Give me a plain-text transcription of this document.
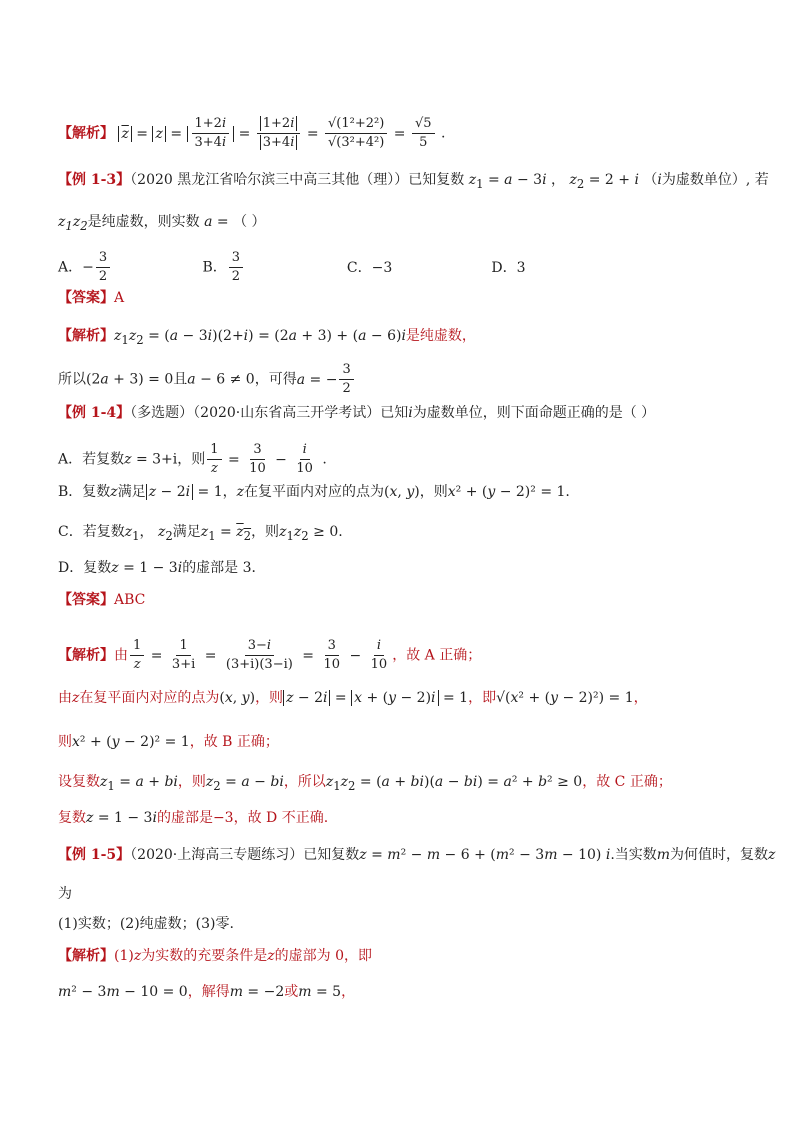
【解析】 $\overline{z} = z = \frac{1+2i}{3+4i} = \frac{1+2i}{3+4i} = \frac{\text{√(1²+2²)}}{\text{√(3²+4²)}} = \frac{√5}{5}$ .
【例 1-3】（2020 黑龙江省哈尔滨三中高三其他（理））已知复数 $z_1 = a - 3i$ ， $z_2 = 2 + i$ （i为虚数单位）, 若
$z_1z_2$是纯虚数，则实数 a = （ ）
A．− $\frac{3}{2}$	B． $\frac{3}{2}$	C．−3	D．3
【答案】A
【解析】$z_1z_2 = (a - 3i)(2+i) = (2a + 3) + (a - 6)i$是纯虚数，
所以(2a + 3) = 0且a − 6 ≠ 0，可得a = − $\frac{3}{2}$
【例 1-4】（多选题）（2020·山东省高三开学考试）已知i为虚数单位，则下面命题正确的是（ ）
A．若复数z = 3+i，则 $\frac{1}{z} = \frac{3}{10} - \frac{i}{10}$ .
B．复数z满足 z − 2i = 1，z在复平面内对应的点为(x, y)，则x² + (y − 2)² = 1.
C．若复数$z_1$， $z_2$满足$z_1 = z_2$，则$z_1z_2 \ge 0$.
D．复数z = 1 − 3i的虚部是 3．
【答案】ABC
【解析】由 $\frac{1}{z} = \frac{1}{3+i} = \frac{3-i}{(3+i)(3-i)} = \frac{3}{10} - \frac{i}{10}$ ，故 A 正确；
由z在复平面内对应的点为(x, y)，则 z − 2i = x + (y − 2)i = 1，即√(x² + (y − 2)²) = 1，
则x² + (y − 2)² = 1，故 B 正确；
设复数$z_1 = a$ + bi，则$z_2 = a$ − bi，所以$z_1z_2 = (a + bi)(a - bi) = a^2 + b^2 \ge 0$，故 C 正确；
复数z = 1 − 3i的虚部是−3，故 D 不正确.
【例 1-5】（2020·上海高三专题练习）已知复数z = m² − m − 6 + (m² − 3m − 10) i.当实数m为何值时，复数z
为
(1)实数；(2)纯虚数；(3)零.
【解析】(1)z为实数的充要条件是z的虚部为 0，即
m² − 3m − 10 = 0，解得m = −2或m = 5，
